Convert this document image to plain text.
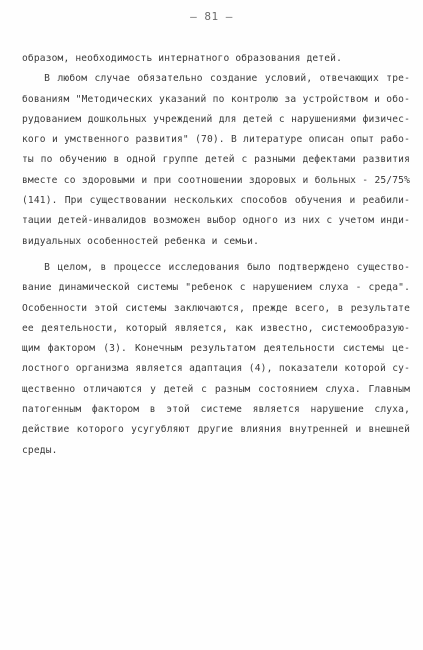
– 81 –
образом, необходимость интернатного образования детей.
В любом случае обязательно создание условий, отвечающих тре-
бованиям "Методических указаний по контролю за устройством и обо-
рудованием дошкольных учреждений для детей с нарушениями физичес-
кого и умственного развития" (70). В литературе описан опыт рабо-
ты по обучению в одной группе детей с разными дефектами развития
вместе со здоровыми и при соотношении здоровых и больных - 25/75%
(141). При существовании нескольких способов обучения и реабили-
тации детей-инвалидов возможен выбор одного из них с учетом инди-
видуальных особенностей ребенка и семьи.
В целом, в процессе исследования было подтверждено существо-
вание динамической системы "ребенок с нарушением слуха - среда".
Особенности этой системы заключаются, прежде всего, в результате
ее деятельности, который является, как известно, системообразую-
щим фактором (3). Конечным результатом деятельности системы це-
лостного организма является адаптация (4), показатели которой су-
щественно отличаются у детей с разным состоянием слуха. Главным
патогенным фактором в этой системе является нарушение слуха,
действие которого усугубляют другие влияния внутренней и внешней
среды.
